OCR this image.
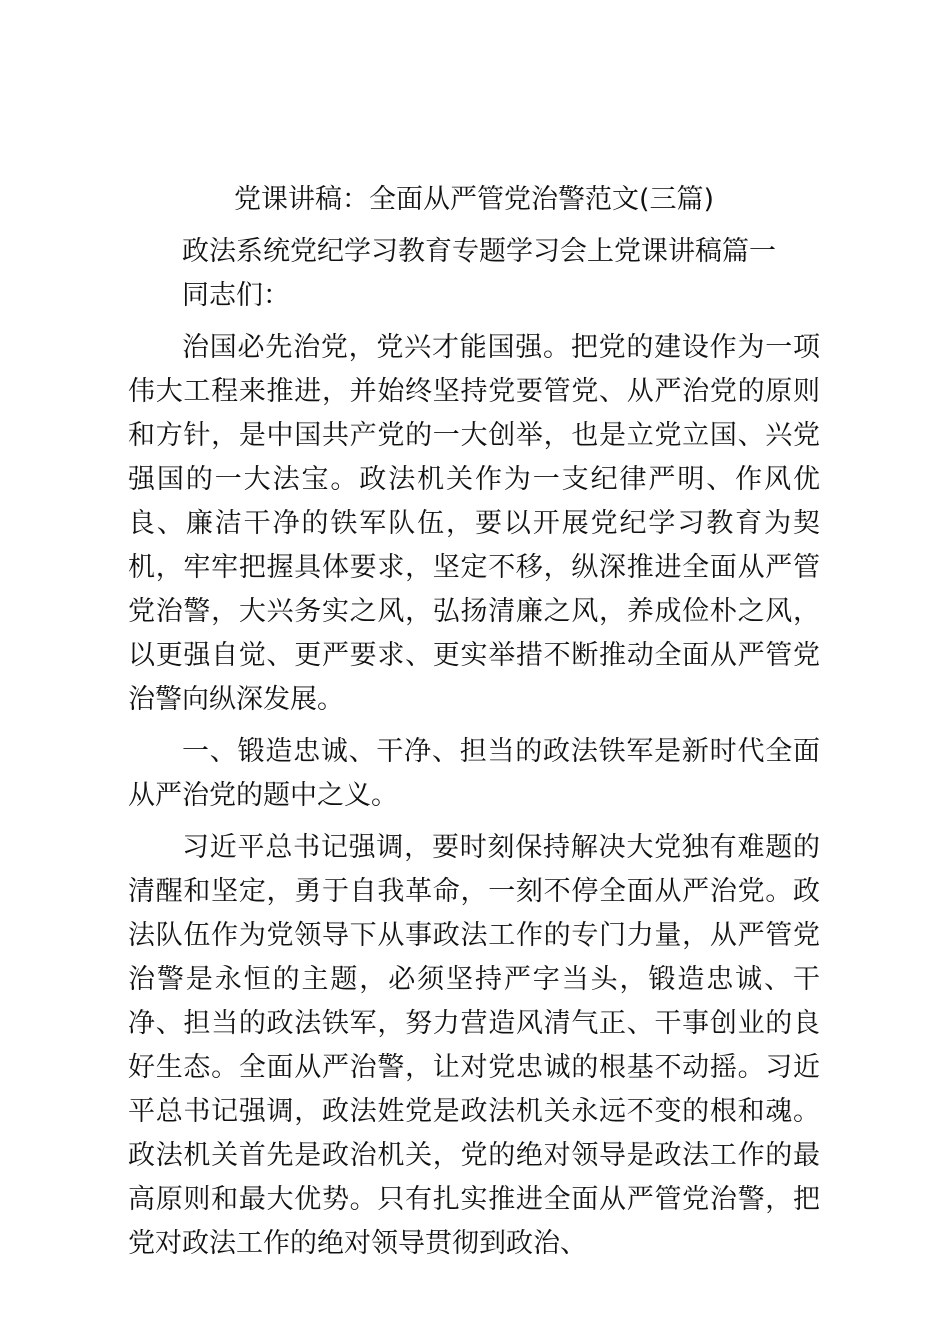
党课讲稿：全面从严管党治警范文(三篇)

政法系统党纪学习教育专题学习会上党课讲稿篇一

同志们：

治国必先治党，党兴才能国强。把党的建设作为一项伟大工程来推进，并始终坚持党要管党、从严治党的原则和方针，是中国共产党的一大创举，也是立党立国、兴党强国的一大法宝。政法机关作为一支纪律严明、作风优良、廉洁干净的铁军队伍，要以开展党纪学习教育为契机，牢牢把握具体要求，坚定不移，纵深推进全面从严管党治警，大兴务实之风，弘扬清廉之风，养成俭朴之风，以更强自觉、更严要求、更实举措不断推动全面从严管党治警向纵深发展。

一、锻造忠诚、干净、担当的政法铁军是新时代全面从严治党的题中之义。

习近平总书记强调，要时刻保持解决大党独有难题的清醒和坚定，勇于自我革命，一刻不停全面从严治党。政法队伍作为党领导下从事政法工作的专门力量，从严管党治警是永恒的主题，必须坚持严字当头，锻造忠诚、干净、担当的政法铁军，努力营造风清气正、干事创业的良好生态。全面从严治警，让对党忠诚的根基不动摇。习近平总书记强调，政法姓党是政法机关永远不变的根和魂。政法机关首先是政治机关，党的绝对领导是政法工作的最高原则和最大优势。只有扎实推进全面从严管党治警，把党对政法工作的绝对领导贯彻到政治、
